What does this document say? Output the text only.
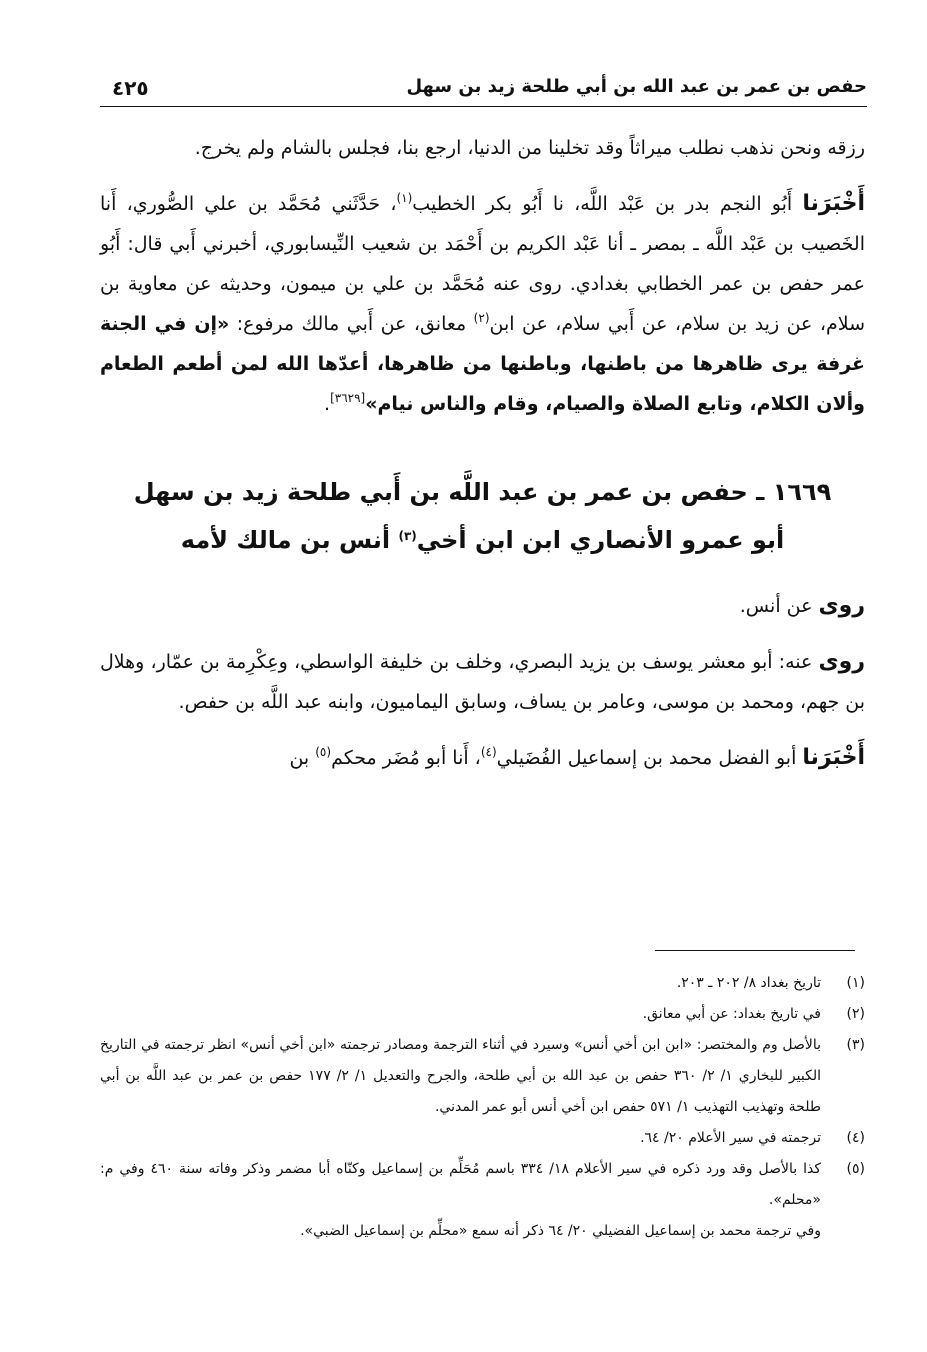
حفص بن عمر بن عبد الله بن أبي طلحة زيد بن سهل
٤٢٥

رزقه ونحن نذهب نطلب ميراثاً وقد تخلينا من الدنيا، ارجع بنا، فجلس بالشام ولم يخرج.

أَخْبَرَنا أَبُو النجم بدر بن عَبْد اللَّه، نا أَبُو بكر الخطيب$^{(١)}$، حَدَّثَني مُحَمَّد بن علي الصُّوري، أَنا الخَصيب بن عَبْد اللَّه ـ بمصر ـ أنا عَبْد الكريم بن أَحْمَد بن شعيب النِّيسابوري، أخبرني أَبي قال: أَبُو عمر حفص بن عمر الخطابي بغدادي. روى عنه مُحَمَّد بن علي بن ميمون، وحديثه عن معاوية بن سلام، عن زيد بن سلام، عن أَبي سلام، عن ابن$^{(٢)}$ معانق، عن أَبي مالك مرفوع: «إن في الجنة غرفة يرى ظاهرها من باطنها، وباطنها من ظاهرها، أعدّها الله لمن أطعم الطعام وألان الكلام، وتابع الصلاة والصيام، وقام والناس نيام»[٣٦٢٩].

١٦٦٩ ـ حفص بن عمر بن عبد اللَّه بن أَبي طلحة زيد بن سهل
أبو عمرو الأنصاري ابن ابن أخي$^{(٣)}$ أنس بن مالك لأمه

روى عن أنس.

روى عنه: أبو معشر يوسف بن يزيد البصري، وخلف بن خليفة الواسطي، وعِكْرِمة بن عمّار، وهلال بن جهم، ومحمد بن موسى، وعامر بن يساف، وسابق اليماميون، وابنه عبد اللَّه بن حفص.

أَخْبَرَنا أبو الفضل محمد بن إسماعيل الفُضَيلي$^{(٤)}$، أَنا أبو مُضَر محكم$^{(٥)}$ بن

(١)
تاريخ بغداد ٨/ ٢٠٢ ـ ٢٠٣.
(٢)
في تاريخ بغداد: عن أبي معانق.
(٣)
بالأصل وم والمختصر: «ابن ابن أخي أنس» وسيرد في أثناء الترجمة ومصادر ترجمته «ابن أخي أنس» انظر ترجمته في التاريخ الكبير للبخاري ١/ ٢/ ٣٦٠ حفص بن عبد الله بن أبي طلحة، والجرح والتعديل ١/ ٢/ ١٧٧ حفص بن عمر بن عبد اللَّه بن أبي طلحة وتهذيب التهذيب ١/ ٥٧١ حفص ابن أخي أنس أبو عمر المدني.
(٤)
ترجمته في سير الأعلام ٢٠/ ٦٤.
(٥)
كذا بالأصل وقد ورد ذكره في سير الأعلام ١٨/ ٣٣٤ باسم مُحَلِّم بن إسماعيل وكنّاه أبا مضمر وذكر وفاته سنة ٤٦٠ وفي م: «محلم».
وفي ترجمة محمد بن إسماعيل الفضيلي ٢٠/ ٦٤ ذكر أنه سمع «محلِّم بن إسماعيل الضبي».
